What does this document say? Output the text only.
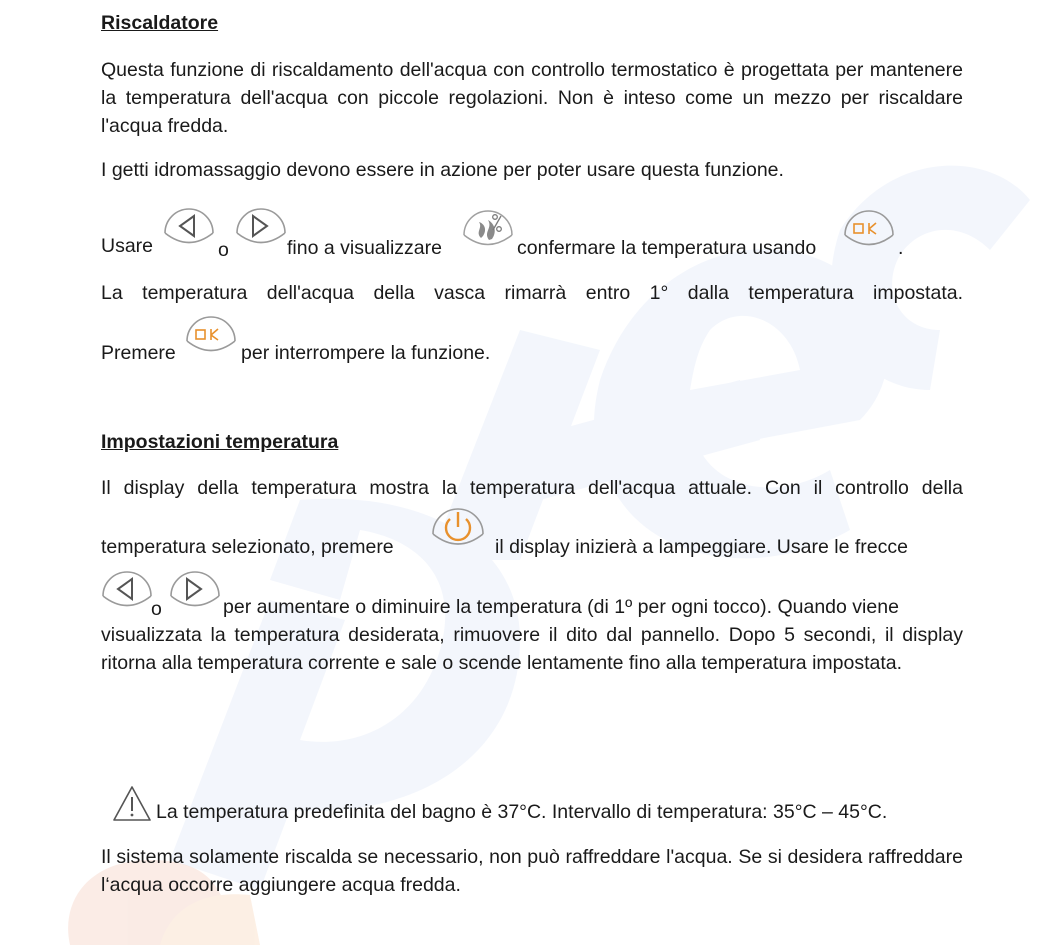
Riscaldatore
Questa funzione di riscaldamento dell'acqua con controllo termostatico è progettata per mantenere la temperatura dell'acqua con piccole regolazioni. Non è inteso come un mezzo per riscaldare l'acqua fredda.
I getti idromassaggio devono essere in azione per poter usare questa funzione.
Usare	o	fino a visualizzare	confermare la temperatura usando	.
La temperatura dell'acqua della vasca rimarrà entro 1° dalla temperatura impostata.
Premere	per interrompere la funzione.
Impostazioni temperatura
Il display della temperatura mostra la temperatura dell'acqua attuale. Con il controllo della
temperatura selezionato, premere	il display inizierà a lampeggiare. Usare le frecce
o	per aumentare o diminuire la temperatura (di 1º per ogni tocco). Quando viene
visualizzata la temperatura desiderata, rimuovere il dito dal pannello. Dopo 5 secondi, il display ritorna alla temperatura corrente e sale o scende lentamente fino alla temperatura impostata.
La temperatura predefinita del bagno è 37°C. Intervallo di temperatura: 35°C – 45°C.
Il sistema solamente riscalda se necessario, non può raffreddare l'acqua. Se si desidera raffreddare l‘acqua occorre aggiungere acqua fredda.
